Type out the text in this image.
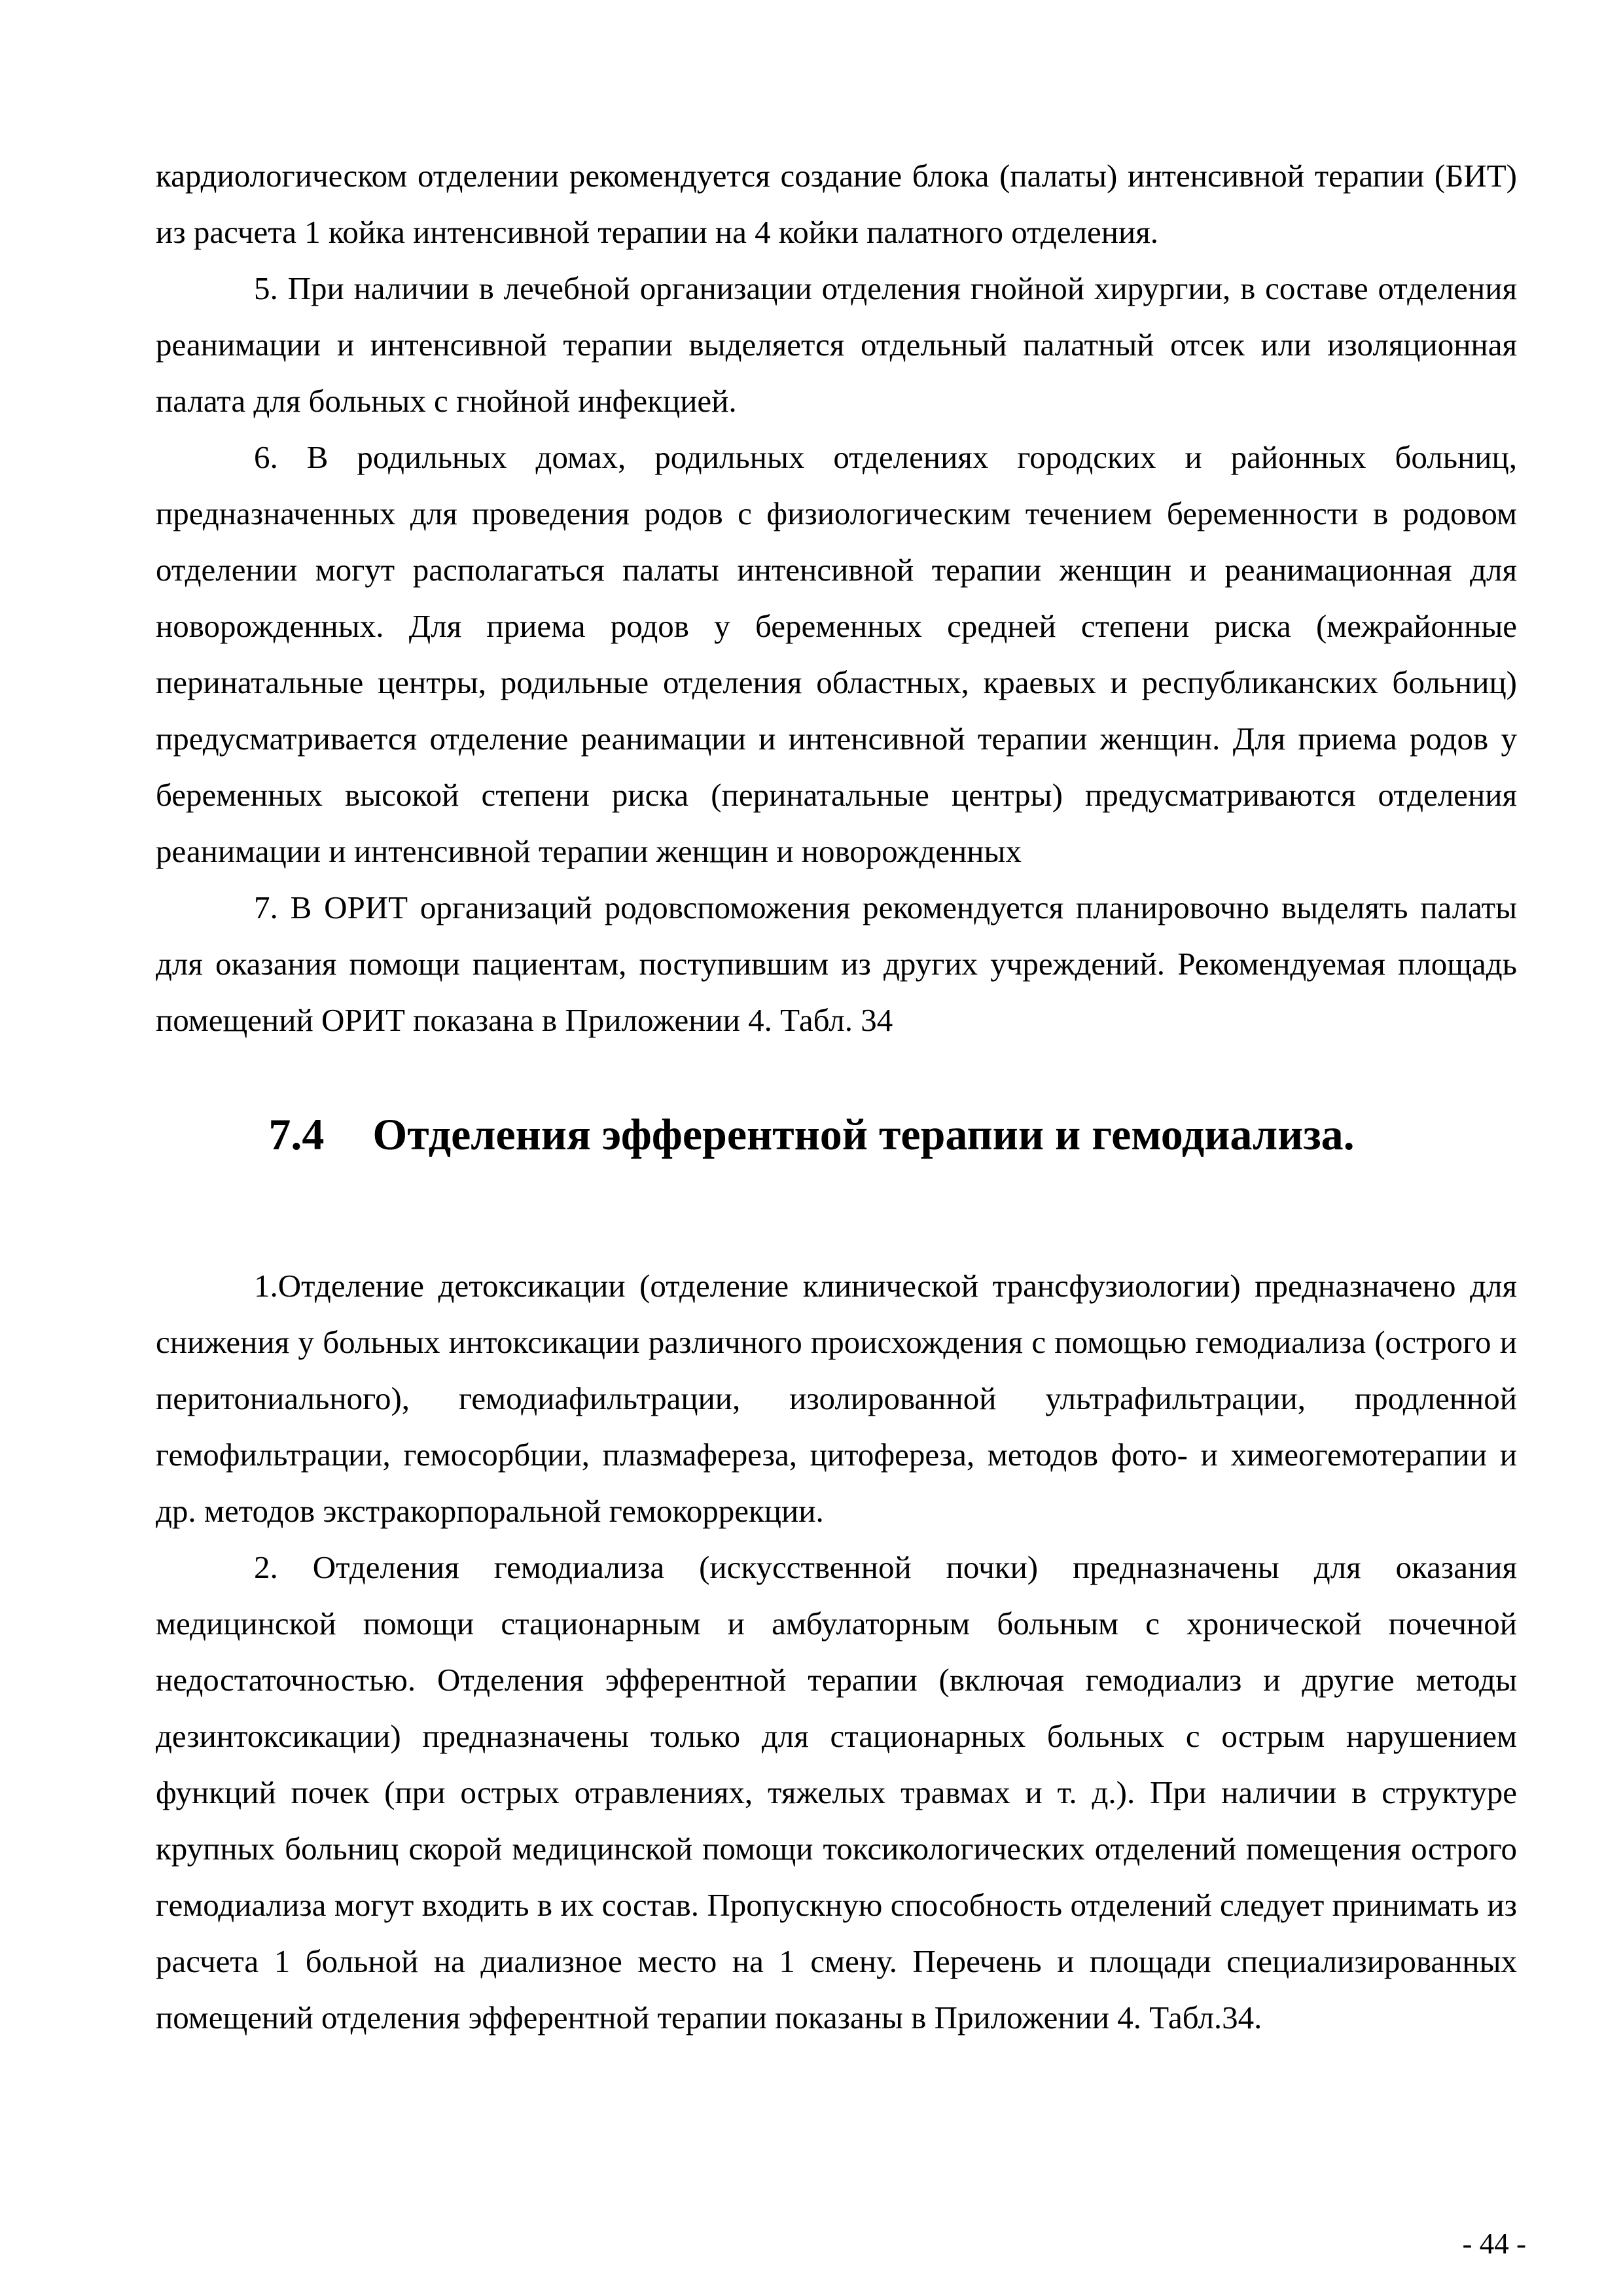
кардиологическом отделении рекомендуется создание блока (палаты) интенсивной терапии (БИТ) из расчета 1 койка интенсивной терапии на 4 койки палатного отделения.

5. При наличии в лечебной организации отделения гнойной хирургии, в составе отделения реанимации и интенсивной терапии выделяется отдельный палатный отсек или изоляционная палата для больных с гнойной инфекцией.

6. В родильных домах, родильных отделениях городских и районных больниц, предназначенных для проведения родов с физиологическим течением беременности в родовом отделении могут располагаться палаты интенсивной терапии женщин и реанимационная для новорожденных. Для приема родов у беременных средней степени риска (межрайонные перинатальные центры, родильные отделения областных, краевых и республиканских больниц) предусматривается отделение реанимации и интенсивной терапии женщин. Для приема родов у беременных высокой степени риска (перинатальные центры) предусматриваются отделения реанимации и интенсивной терапии женщин и новорожденных

7. В ОРИТ организаций родовспоможения рекомендуется планировочно выделять палаты для оказания помощи пациентам, поступившим из других учреждений. Рекомендуемая площадь помещений ОРИТ показана в Приложении 4. Табл. 34

7.4 Отделения эфферентной терапии и гемодиализа.

1.Отделение детоксикации (отделение клинической трансфузиологии) предназначено для снижения у больных интоксикации различного происхождения с помощью гемодиализа (острого и перитониального), гемодиафильтрации, изолированной ультрафильтрации, продленной гемофильтрации, гемосорбции, плазмафереза, цитофереза, методов фото- и химеогемотерапии и др. методов экстракорпоральной гемокоррекции.

2. Отделения гемодиализа (искусственной почки) предназначены для оказания медицинской помощи стационарным и амбулаторным больным с хронической почечной недостаточностью. Отделения эфферентной терапии (включая гемодиализ и другие методы дезинтоксикации) предназначены только для стационарных больных с острым нарушением функций почек (при острых отравлениях, тяжелых травмах и т. д.). При наличии в структуре крупных больниц скорой медицинской помощи токсикологических отделений помещения острого гемодиализа могут входить в их состав. Пропускную способность отделений следует принимать из расчета 1 больной на диализное место на 1 смену. Перечень и площади специализированных помещений отделения эфферентной терапии показаны в Приложении 4. Табл.34.

- 44 -
